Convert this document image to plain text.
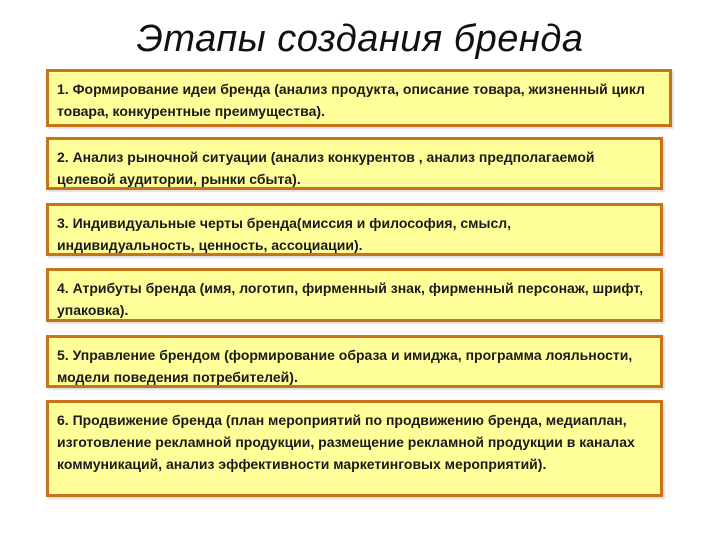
Этапы создания бренда
1. Формирование идеи бренда (анализ продукта, описание товара, жизненный цикл товара, конкурентные преимущества).
2. Анализ рыночной ситуации (анализ конкурентов , анализ предполагаемой целевой аудитории, рынки сбыта).
3. Индивидуальные черты бренда(миссия и философия, смысл, индивидуальность, ценность, ассоциации).
4. Атрибуты бренда (имя, логотип, фирменный знак, фирменный персонаж, шрифт, упаковка).
5. Управление брендом (формирование образа и имиджа, программа лояльности, модели поведения потребителей).
6. Продвижение бренда (план мероприятий по продвижению бренда, медиаплан, изготовление рекламной продукции, размещение рекламной продукции в каналах коммуникаций, анализ эффективности маркетинговых мероприятий).
